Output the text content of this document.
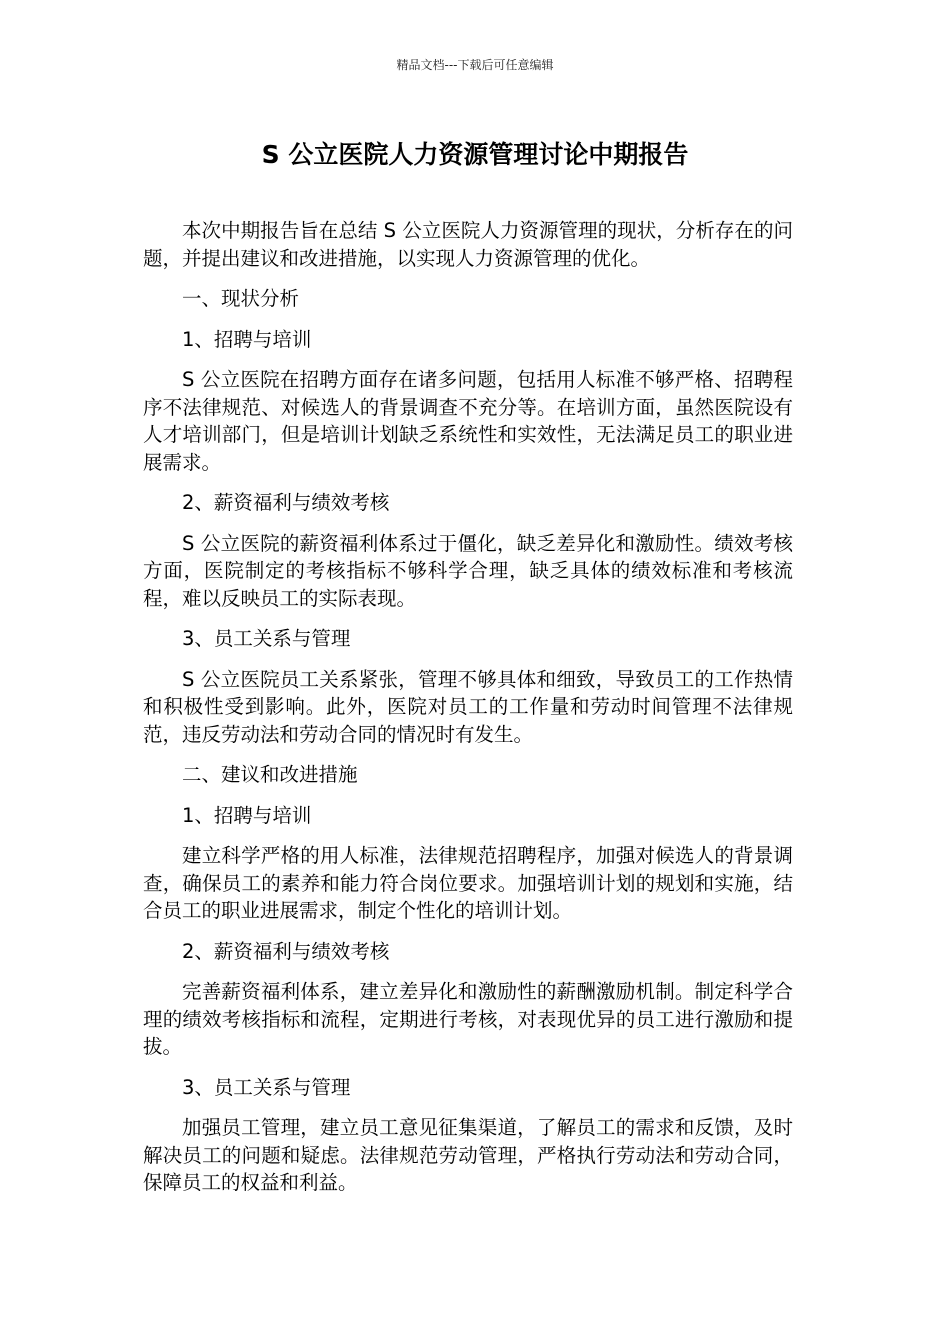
精品文档---下载后可任意编辑
S 公立医院人力资源管理讨论中期报告

本次中期报告旨在总结 S 公立医院人力资源管理的现状，分析存在的问题，并提出建议和改进措施，以实现人力资源管理的优化。

一、现状分析

1、招聘与培训

S 公立医院在招聘方面存在诸多问题，包括用人标准不够严格、招聘程序不法律规范、对候选人的背景调查不充分等。在培训方面，虽然医院设有人才培训部门，但是培训计划缺乏系统性和实效性，无法满足员工的职业进展需求。

2、薪资福利与绩效考核

S 公立医院的薪资福利体系过于僵化，缺乏差异化和激励性。绩效考核方面，医院制定的考核指标不够科学合理，缺乏具体的绩效标准和考核流程，难以反映员工的实际表现。

3、员工关系与管理

S 公立医院员工关系紧张，管理不够具体和细致，导致员工的工作热情和积极性受到影响。此外，医院对员工的工作量和劳动时间管理不法律规范，违反劳动法和劳动合同的情况时有发生。

二、建议和改进措施

1、招聘与培训

建立科学严格的用人标准，法律规范招聘程序，加强对候选人的背景调查，确保员工的素养和能力符合岗位要求。加强培训计划的规划和实施，结合员工的职业进展需求，制定个性化的培训计划。

2、薪资福利与绩效考核

完善薪资福利体系，建立差异化和激励性的薪酬激励机制。制定科学合理的绩效考核指标和流程，定期进行考核，对表现优异的员工进行激励和提拔。

3、员工关系与管理

加强员工管理，建立员工意见征集渠道，了解员工的需求和反馈，及时解决员工的问题和疑虑。法律规范劳动管理，严格执行劳动法和劳动合同，保障员工的权益和利益。
